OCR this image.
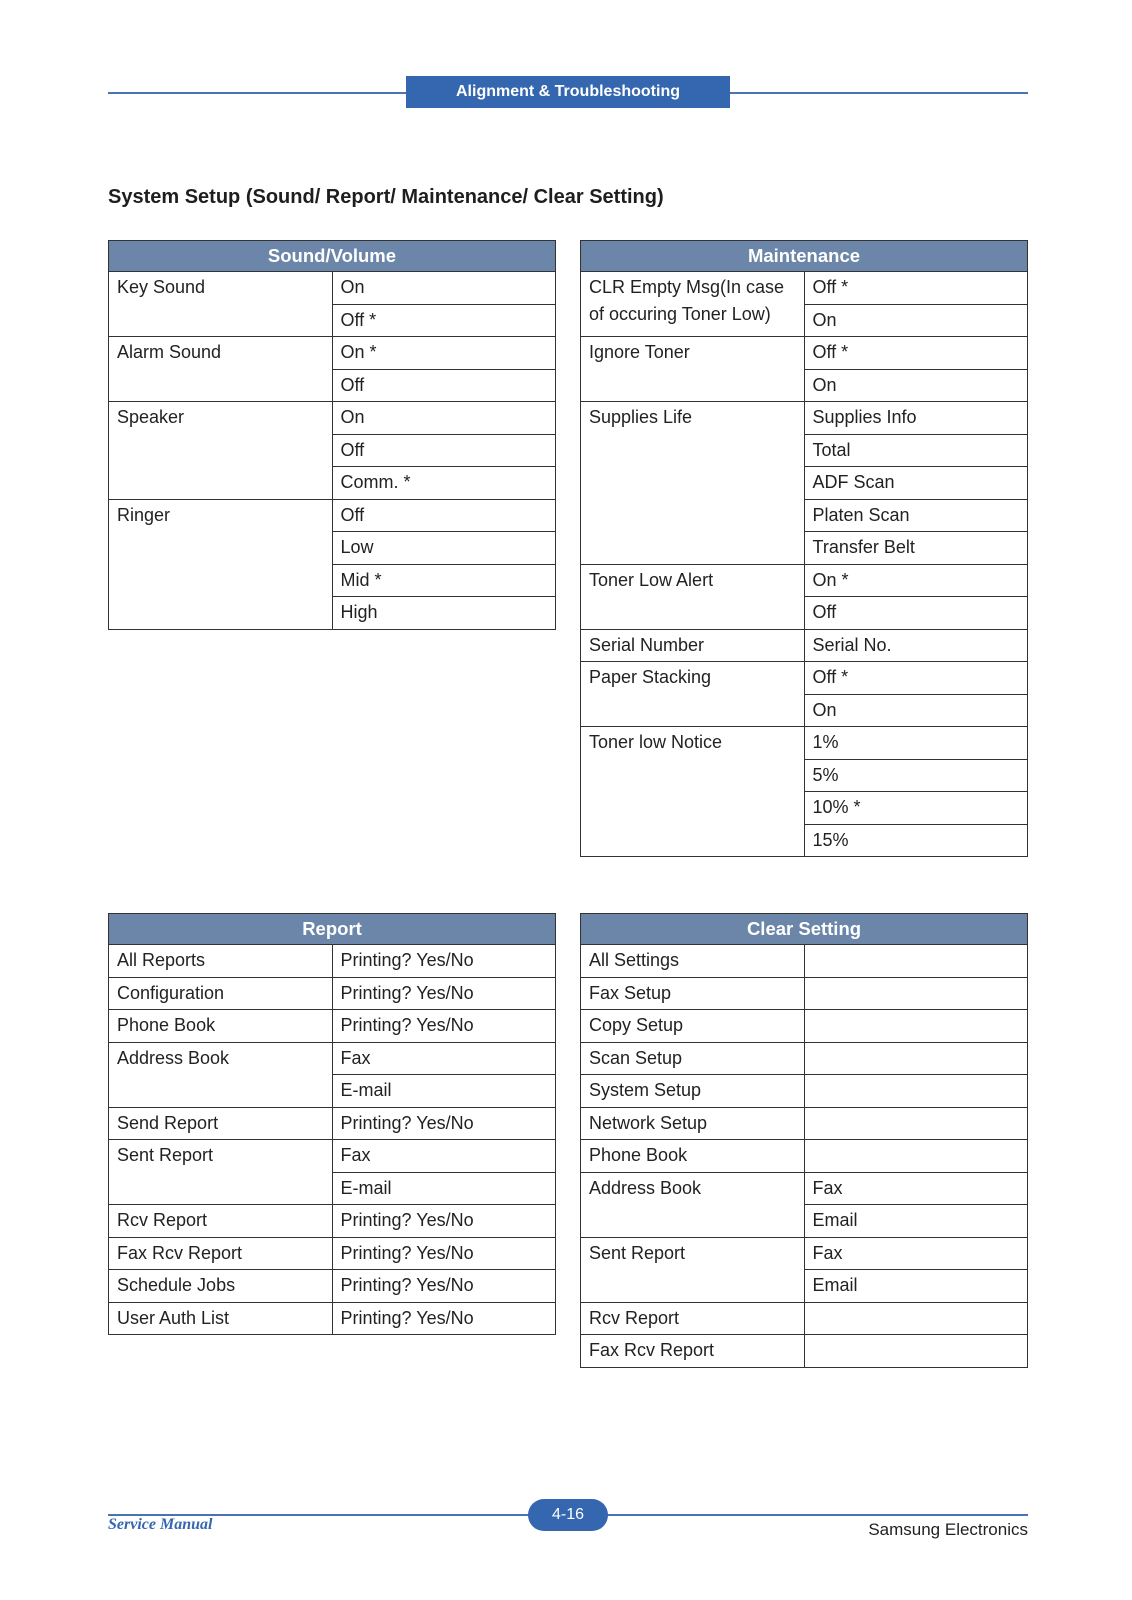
Alignment & Troubleshooting
System Setup (Sound/ Report/ Maintenance/ Clear Setting)
Sound/Volume	
Key Sound	On
	Off *
Alarm Sound	On *
	Off
Speaker	On
	Off
	Comm. *
Ringer	Off
	Low
	Mid *
	High
Maintenance	
CLR Empty Msg(In case of occuring Toner Low)	Off *
	On
Ignore Toner	Off *
	On
Supplies Life	Supplies Info
	Total
	ADF Scan
	Platen Scan
	Transfer Belt
Toner Low Alert	On *
	Off
Serial Number	Serial No.
Paper Stacking	Off *
	On
Toner low Notice	1%
	5%
	10% *
	15%
Report	
All Reports	Printing? Yes/No
Configuration	Printing? Yes/No
Phone Book	Printing? Yes/No
Address Book	Fax
	E-mail
Send Report	Printing? Yes/No
Sent Report	Fax
	E-mail
Rcv Report	Printing? Yes/No
Fax Rcv Report	Printing? Yes/No
Schedule Jobs	Printing? Yes/No
User Auth List	Printing? Yes/No
Clear Setting	
All Settings	
Fax Setup	
Copy Setup	
Scan Setup	
System Setup	
Network Setup	
Phone Book	
Address Book	Fax
	Email
Sent Report	Fax
	Email
Rcv Report	
Fax Rcv Report	
Service Manual
4-16
Samsung Electronics
